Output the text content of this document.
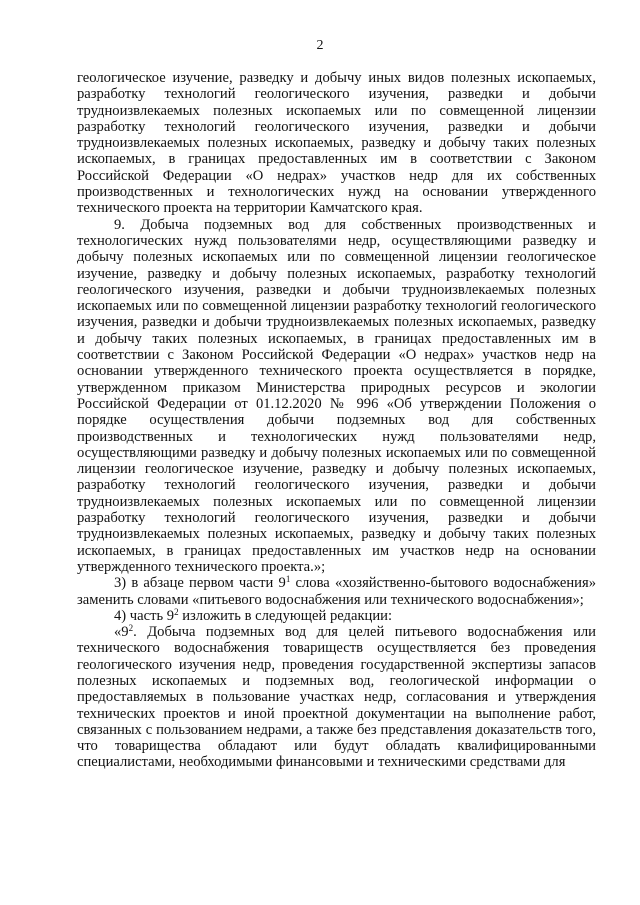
2

геологическое изучение, разведку и добычу иных видов полезных ископаемых, разработку технологий геологического изучения, разведки и добычи трудноизвлекаемых полезных ископаемых или по совмещенной лицензии разработку технологий геологического изучения, разведки и добычи трудноизвлекаемых полезных ископаемых, разведку и добычу таких полезных ископаемых, в границах предоставленных им в соответствии с Законом Российской Федерации «О недрах» участков недр для их собственных производственных и технологических нужд на основании утвержденного технического проекта на территории Камчатского края.

9. Добыча подземных вод для собственных производственных и технологических нужд пользователями недр, осуществляющими разведку и добычу полезных ископаемых или по совмещенной лицензии геологическое изучение, разведку и добычу полезных ископаемых, разработку технологий геологического изучения, разведки и добычи трудноизвлекаемых полезных ископаемых или по совмещенной лицензии разработку технологий геологического изучения, разведки и добычи трудноизвлекаемых полезных ископаемых, разведку и добычу таких полезных ископаемых, в границах предоставленных им в соответствии с Законом Российской Федерации «О недрах» участков недр на основании утвержденного технического проекта осуществляется в порядке, утвержденном приказом Министерства природных ресурсов и экологии Российской Федерации от 01.12.2020 № 996 «Об утверждении Положения о порядке осуществления добычи подземных вод для собственных производственных и технологических нужд пользователями недр, осуществляющими разведку и добычу полезных ископаемых или по совмещенной лицензии геологическое изучение, разведку и добычу полезных ископаемых, разработку технологий геологического изучения, разведки и добычи трудноизвлекаемых полезных ископаемых или по совмещенной лицензии разработку технологий геологического изучения, разведки и добычи трудноизвлекаемых полезных ископаемых, разведку и добычу таких полезных ископаемых, в границах предоставленных им участков недр на основании утвержденного технического проекта.»;

3) в абзаце первом части $9^1$ слова «хозяйственно-бытового водоснабжения» заменить словами «питьевого водоснабжения или технического водоснабжения»;

4) часть $9^2$ изложить в следующей редакции:

«$9^2$. Добыча подземных вод для целей питьевого водоснабжения или технического водоснабжения товариществ осуществляется без проведения геологического изучения недр, проведения государственной экспертизы запасов полезных ископаемых и подземных вод, геологической информации о предоставляемых в пользование участках недр, согласования и утверждения технических проектов и иной проектной документации на выполнение работ, связанных с пользованием недрами, а также без представления доказательств того, что товарищества обладают или будут обладать квалифицированными специалистами, необходимыми финансовыми и техническими средствами для
